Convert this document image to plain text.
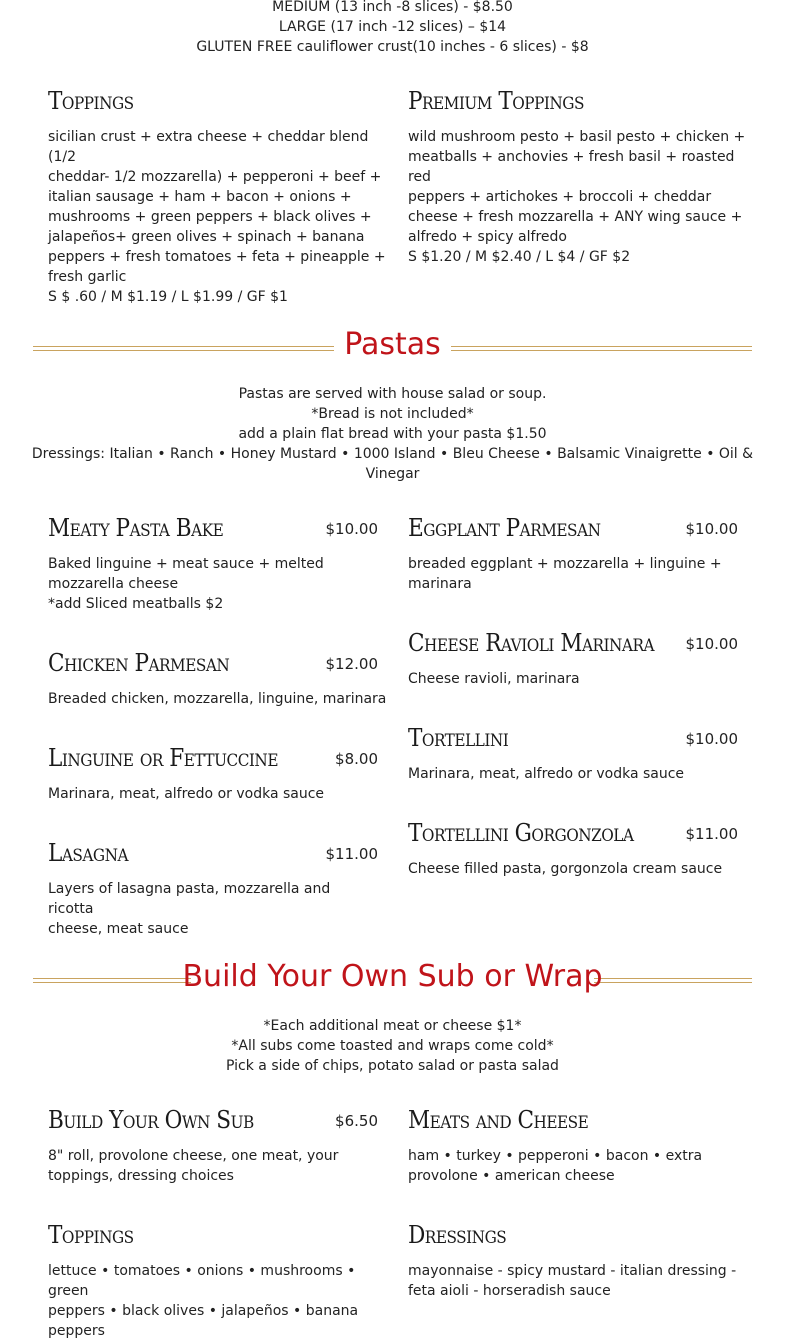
MEDIUM (13 inch -8 slices) - $8.50
LARGE (17 inch -12 slices) – $14
GLUTEN FREE cauliflower crust(10 inches - 6 slices) - $8
Toppings
sicilian crust + extra cheese + cheddar blend (1/2
cheddar- 1/2 mozzarella) + pepperoni + beef +
italian sausage + ham + bacon + onions +
mushrooms + green peppers + black olives +
jalapeños+ green olives + spinach + banana
peppers + fresh tomatoes + feta + pineapple +
fresh garlic
S $ .60 / M $1.19 / L $1.99 / GF $1
Premium Toppings
wild mushroom pesto + basil pesto + chicken +
meatballs + anchovies + fresh basil + roasted red
peppers + artichokes + broccoli + cheddar
cheese + fresh mozzarella + ANY wing sauce +
alfredo + spicy alfredo
S $1.20 / M $2.40 / L $4 / GF $2
Pastas
Pastas are served with house salad or soup.
*Bread is not included*
add a plain flat bread with your pasta $1.50
Dressings: Italian • Ranch • Honey Mustard • 1000 Island • Bleu Cheese • Balsamic Vinaigrette • Oil &
Vinegar
Meaty Pasta Bake	$10.00
Baked linguine + meat sauce + melted
mozzarella cheese
*add Sliced meatballs $2
Chicken Parmesan	$12.00
Breaded chicken, mozzarella, linguine, marinara
Linguine or Fettuccine	$8.00
Marinara, meat, alfredo or vodka sauce
Lasagna	$11.00
Layers of lasagna pasta, mozzarella and ricotta
cheese, meat sauce
Eggplant Parmesan	$10.00
breaded eggplant + mozzarella + linguine +
marinara
Cheese Ravioli Marinara	$10.00
Cheese ravioli, marinara
Tortellini	$10.00
Marinara, meat, alfredo or vodka sauce
Tortellini Gorgonzola	$11.00
Cheese filled pasta, gorgonzola cream sauce
Build Your Own Sub or Wrap
*Each additional meat or cheese $1*
*All subs come toasted and wraps come cold*
Pick a side of chips, potato salad or pasta salad
Build Your Own Sub	$6.50
8" roll, provolone cheese, one meat, your
toppings, dressing choices
Meats and Cheese
ham • turkey • pepperoni • bacon • extra
provolone • american cheese
Toppings
lettuce • tomatoes • onions • mushrooms • green
peppers • black olives • jalapeños • banana
peppers
Dressings
mayonnaise - spicy mustard - italian dressing -
feta aioli - horseradish sauce
